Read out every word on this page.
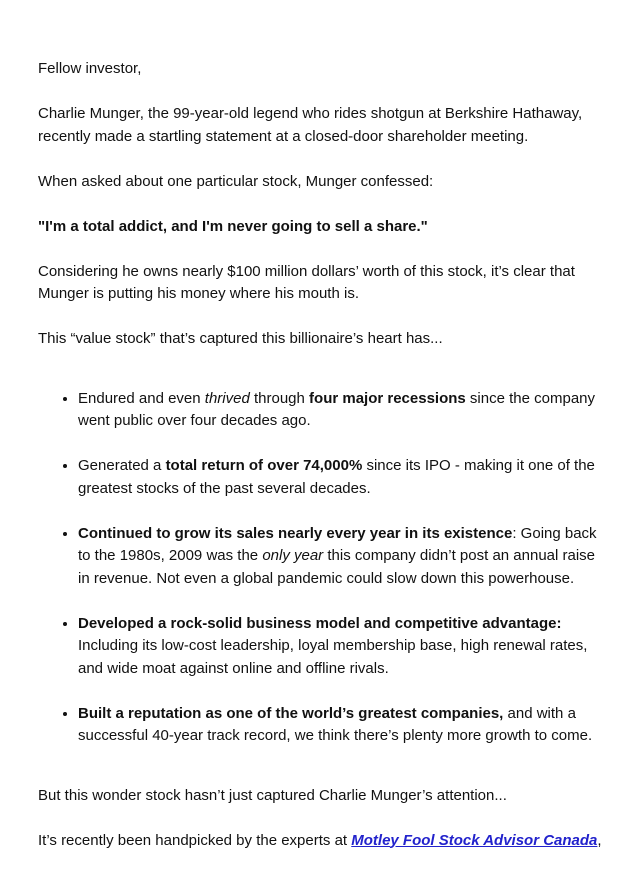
Fellow investor,

Charlie Munger, the 99-year-old legend who rides shotgun at Berkshire Hathaway, recently made a startling statement at a closed-door shareholder meeting.

When asked about one particular stock, Munger confessed:

"I'm a total addict, and I'm never going to sell a share."

Considering he owns nearly $100 million dollars’ worth of this stock, it’s clear that Munger is putting his money where his mouth is.

This “value stock” that’s captured this billionaire’s heart has...

• Endured and even thrived through four major recessions since the company went public over four decades ago.
• Generated a total return of over 74,000% since its IPO - making it one of the greatest stocks of the past several decades.
• Continued to grow its sales nearly every year in its existence: Going back to the 1980s, 2009 was the only year this company didn’t post an annual raise in revenue. Not even a global pandemic could slow down this powerhouse.
• Developed a rock-solid business model and competitive advantage: Including its low-cost leadership, loyal membership base, high renewal rates, and wide moat against online and offline rivals.
• Built a reputation as one of the world’s greatest companies, and with a successful 40-year track record, we think there’s plenty more growth to come.

But this wonder stock hasn’t just captured Charlie Munger’s attention...

It’s recently been handpicked by the experts at Motley Fool Stock Advisor Canada,
